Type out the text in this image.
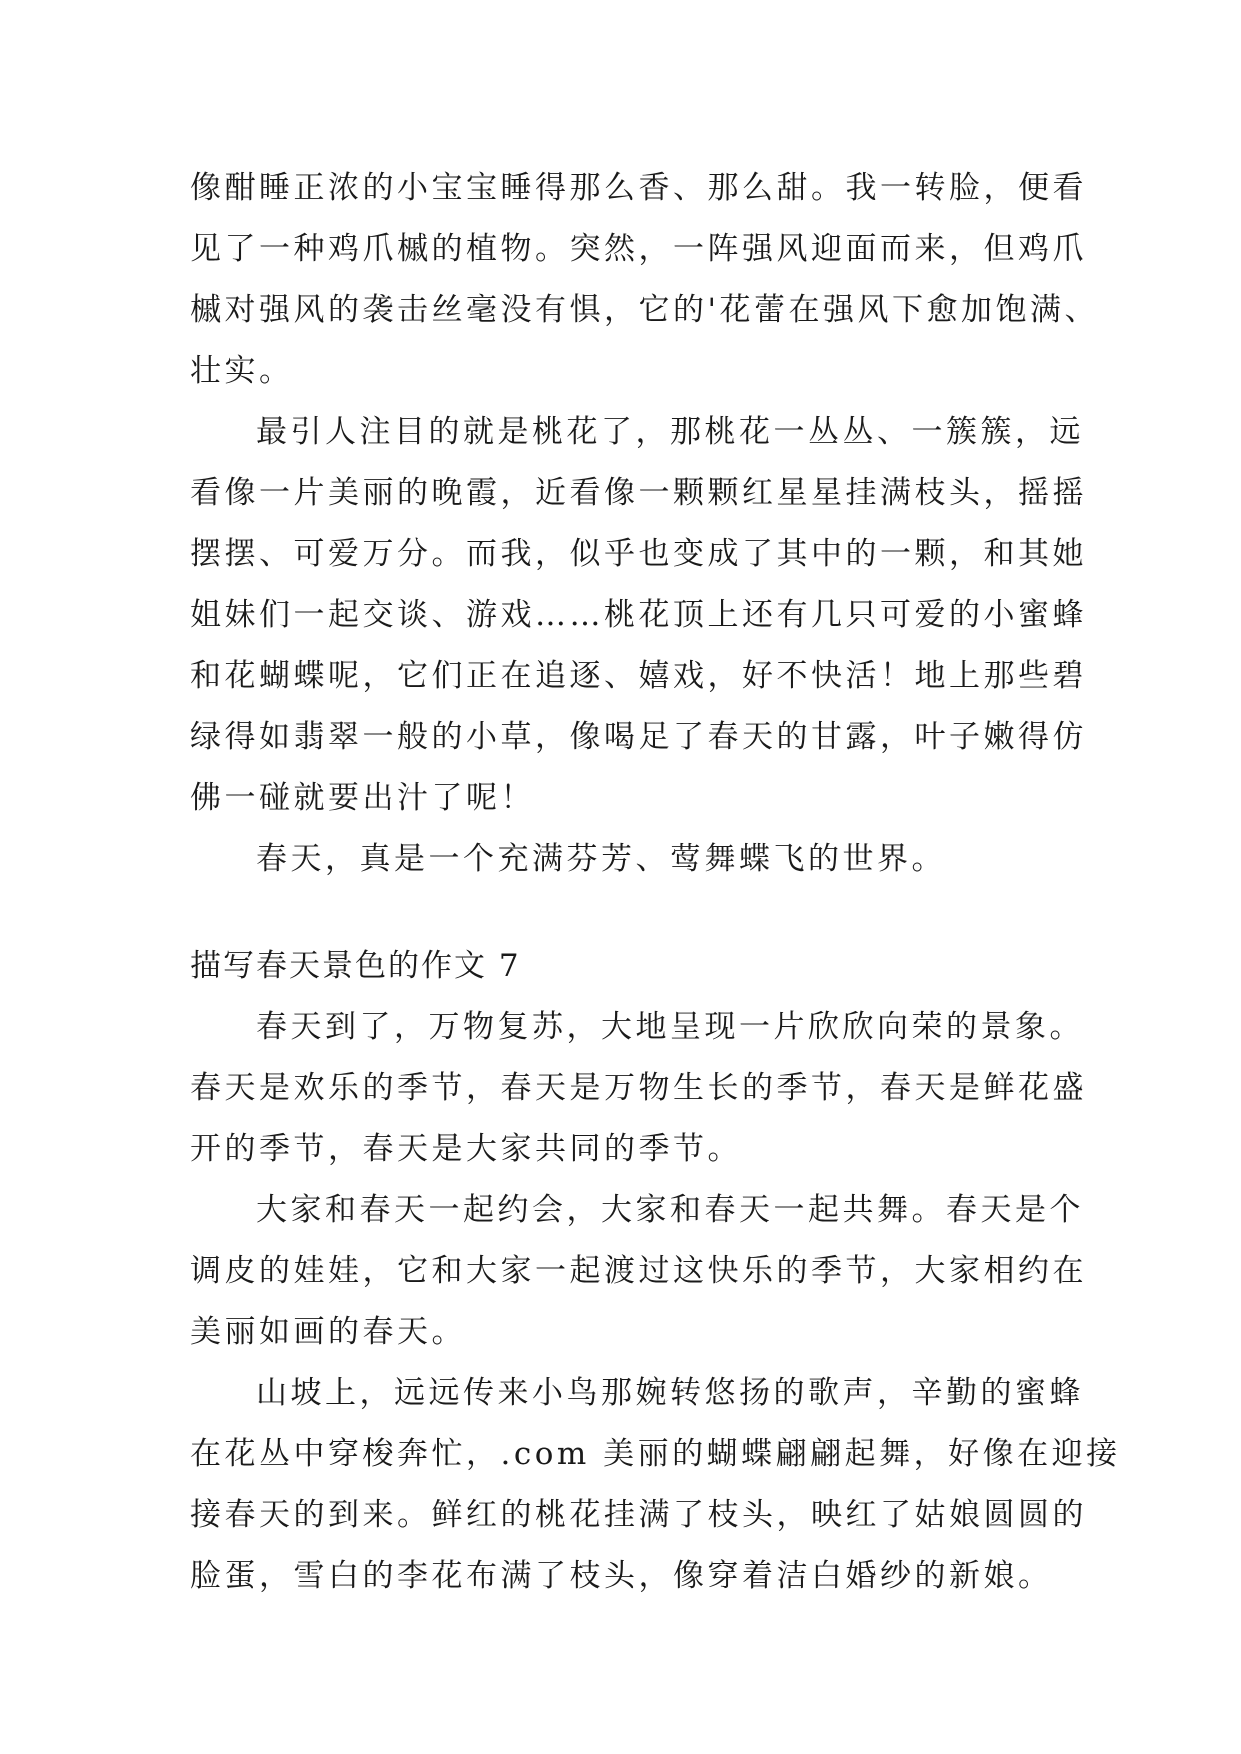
像酣睡正浓的小宝宝睡得那么香、那么甜。我一转脸，便看
见了一种鸡爪槭的植物。突然，一阵强风迎面而来，但鸡爪
槭对强风的袭击丝毫没有惧，它的'花蕾在强风下愈加饱满、
壮实。
最引人注目的就是桃花了，那桃花一丛丛、一簇簇，远
看像一片美丽的晚霞，近看像一颗颗红星星挂满枝头，摇摇
摆摆、可爱万分。而我，似乎也变成了其中的一颗，和其她
姐妹们一起交谈、游戏……桃花顶上还有几只可爱的小蜜蜂
和花蝴蝶呢，它们正在追逐、嬉戏，好不快活！地上那些碧
绿得如翡翠一般的小草，像喝足了春天的甘露，叶子嫩得仿
佛一碰就要出汁了呢！
春天，真是一个充满芬芳、莺舞蝶飞的世界。
描写春天景色的作文 7
春天到了，万物复苏，大地呈现一片欣欣向荣的景象。
春天是欢乐的季节，春天是万物生长的季节，春天是鲜花盛
开的季节，春天是大家共同的季节。
大家和春天一起约会，大家和春天一起共舞。春天是个
调皮的娃娃，它和大家一起渡过这快乐的季节，大家相约在
美丽如画的春天。
山坡上，远远传来小鸟那婉转悠扬的歌声，辛勤的蜜蜂
在花丛中穿梭奔忙，.com 美丽的蝴蝶翩翩起舞，好像在迎接
接春天的到来。鲜红的桃花挂满了枝头，映红了姑娘圆圆的
脸蛋，雪白的李花布满了枝头，像穿着洁白婚纱的新娘。
